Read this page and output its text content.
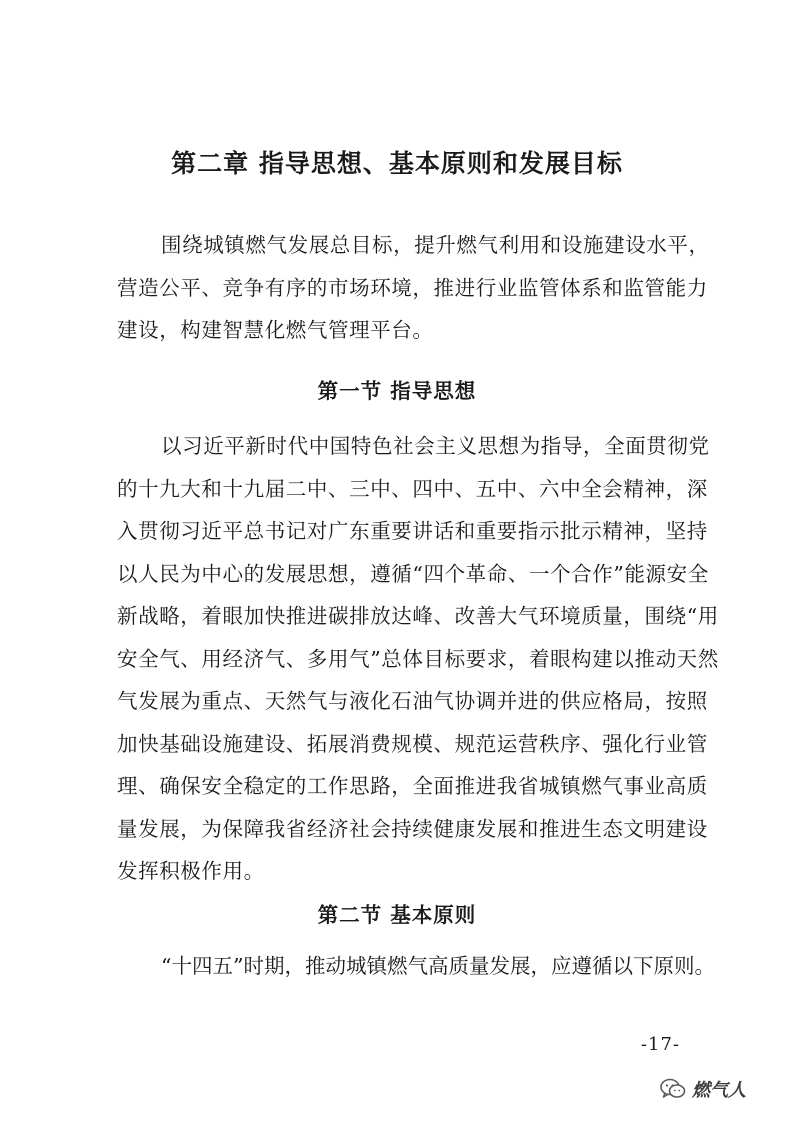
第二章 指导思想、基本原则和发展目标
围绕城镇燃气发展总目标，提升燃气利用和设施建设水平，
营造公平、竞争有序的市场环境，推进行业监管体系和监管能力
建设，构建智慧化燃气管理平台。
第一节 指导思想
以习近平新时代中国特色社会主义思想为指导，全面贯彻党
的十九大和十九届二中、三中、四中、五中、六中全会精神，深
入贯彻习近平总书记对广东重要讲话和重要指示批示精神，坚持
以人民为中心的发展思想，遵循“四个革命、一个合作”能源安全
新战略，着眼加快推进碳排放达峰、改善大气环境质量，围绕“用
安全气、用经济气、多用气”总体目标要求，着眼构建以推动天然
气发展为重点、天然气与液化石油气协调并进的供应格局，按照
加快基础设施建设、拓展消费规模、规范运营秩序、强化行业管
理、确保安全稳定的工作思路，全面推进我省城镇燃气事业高质
量发展，为保障我省经济社会持续健康发展和推进生态文明建设
发挥积极作用。
第二节 基本原则
“十四五”时期，推动城镇燃气高质量发展，应遵循以下原则。
-17-
燃气人
